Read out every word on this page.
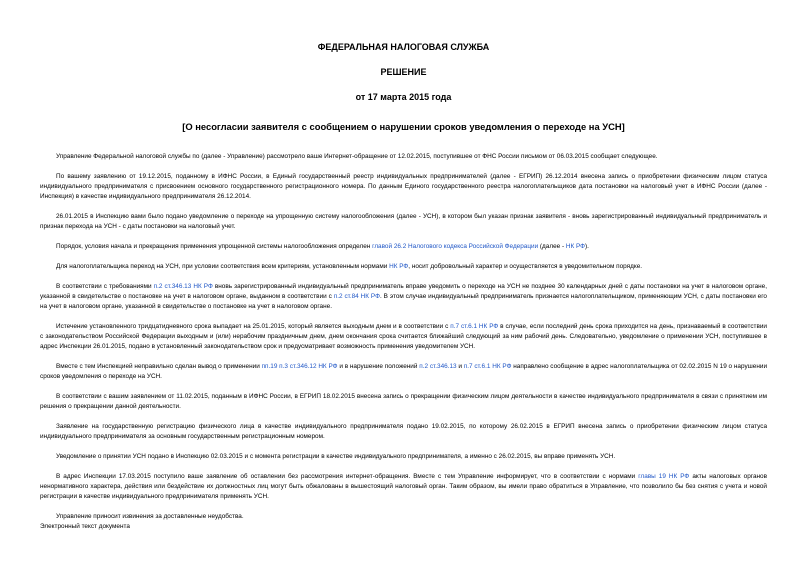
ФЕДЕРАЛЬНАЯ НАЛОГОВАЯ СЛУЖБА
РЕШЕНИЕ
от 17 марта 2015 года
[О несогласии заявителя с сообщением о нарушении сроков уведомления о переходе на УСН]

Управление Федеральной налоговой службы по (далее - Управление) рассмотрело ваше Интернет-обращение от 12.02.2015, поступившее от ФНС России письмом от 06.03.2015 сообщает следующее.

По вашему заявлению от 19.12.2015, поданному в ИФНС России, в Единый государственный реестр индивидуальных предпринимателей (далее - ЕГРИП) 26.12.2014 внесена запись о приобретении физическим лицом статуса индивидуального предпринимателя с присвоением основного государственного регистрационного номера. По данным Единого государственного реестра налогоплательщиков дата постановки на налоговый учет в ИФНС России (далее - Инспекция) в качестве индивидуального предпринимателя 26.12.2014.

26.01.2015 в Инспекцию вами было подано уведомление о переходе на упрощенную систему налогообложения (далее - УСН), в котором был указан признак заявителя - вновь зарегистрированный индивидуальный предприниматель и признак перехода на УСН - с даты постановки на налоговый учет.

Порядок, условия начала и прекращения применения упрощенной системы налогообложения определен главой 26.2 Налогового кодекса Российской Федерации (далее - НК РФ).

Для налогоплательщика переход на УСН, при условии соответствия всем критериям, установленным нормами НК РФ, носит добровольный характер и осуществляется в уведомительном порядке.

В соответствии с требованиями п.2 ст.346.13 НК РФ вновь зарегистрированный индивидуальный предприниматель вправе уведомить о переходе на УСН не позднее 30 календарных дней с даты постановки на учет в налоговом органе, указанной в свидетельстве о постановке на учет в налоговом органе, выданном в соответствии с п.2 ст.84 НК РФ. В этом случае индивидуальный предприниматель признается налогоплательщиком, применяющим УСН, с даты постановки его на учет в налоговом органе, указанной в свидетельстве о постановке на учет в налоговом органе.

Истечение установленного тридцатидневного срока выпадает на 25.01.2015, который является выходным днем и в соответствии с п.7 ст.6.1 НК РФ в случае, если последний день срока приходится на день, признаваемый в соответствии с законодательством Российской Федерации выходным и (или) нерабочим праздничным днем, днем окончания срока считается ближайший следующий за ним рабочий день. Следовательно, уведомление о применении УСН, поступившее в адрес Инспекции 26.01.2015, подано в установленный законодательством срок и предусматривает возможность применения уведомителем УСН.

Вместе с тем Инспекцией неправильно сделан вывод о применении пп.19 п.3 ст.346.12 НК РФ и в нарушение положений п.2 ст.346.13 и п.7 ст.6.1 НК РФ направлено сообщение в адрес налогоплательщика от 02.02.2015 N 19 о нарушении сроков уведомления о переходе на УСН.

В соответствии с вашим заявлением от 11.02.2015, поданным в ИФНС России, в ЕГРИП 18.02.2015 внесена запись о прекращении физическим лицом деятельности в качестве индивидуального предпринимателя в связи с принятием им решения о прекращении данной деятельности.

Заявление на государственную регистрацию физического лица в качестве индивидуального предпринимателя подано 19.02.2015, по которому 26.02.2015 в ЕГРИП внесена запись о приобретении физическим лицом статуса индивидуального предпринимателя за основным государственным регистрационным номером.

Уведомление о принятии УСН подано в Инспекцию 02.03.2015 и с момента регистрации в качестве индивидуального предпринимателя, а именно с 26.02.2015, вы вправе применять УСН.

В адрес Инспекции 17.03.2015 поступило ваше заявление об оставлении без рассмотрения интернет-обращения. Вместе с тем Управление информирует, что в соответствии с нормами главы 19 НК РФ акты налоговых органов ненормативного характера, действия или бездействие их должностных лиц могут быть обжалованы в вышестоящий налоговый орган. Таким образом, вы имели право обратиться в Управление, что позволило бы без снятия с учета и новой регистрации в качестве индивидуального предпринимателя применять УСН.

Управление приносит извинения за доставленные неудобства.

Электронный текст документа
